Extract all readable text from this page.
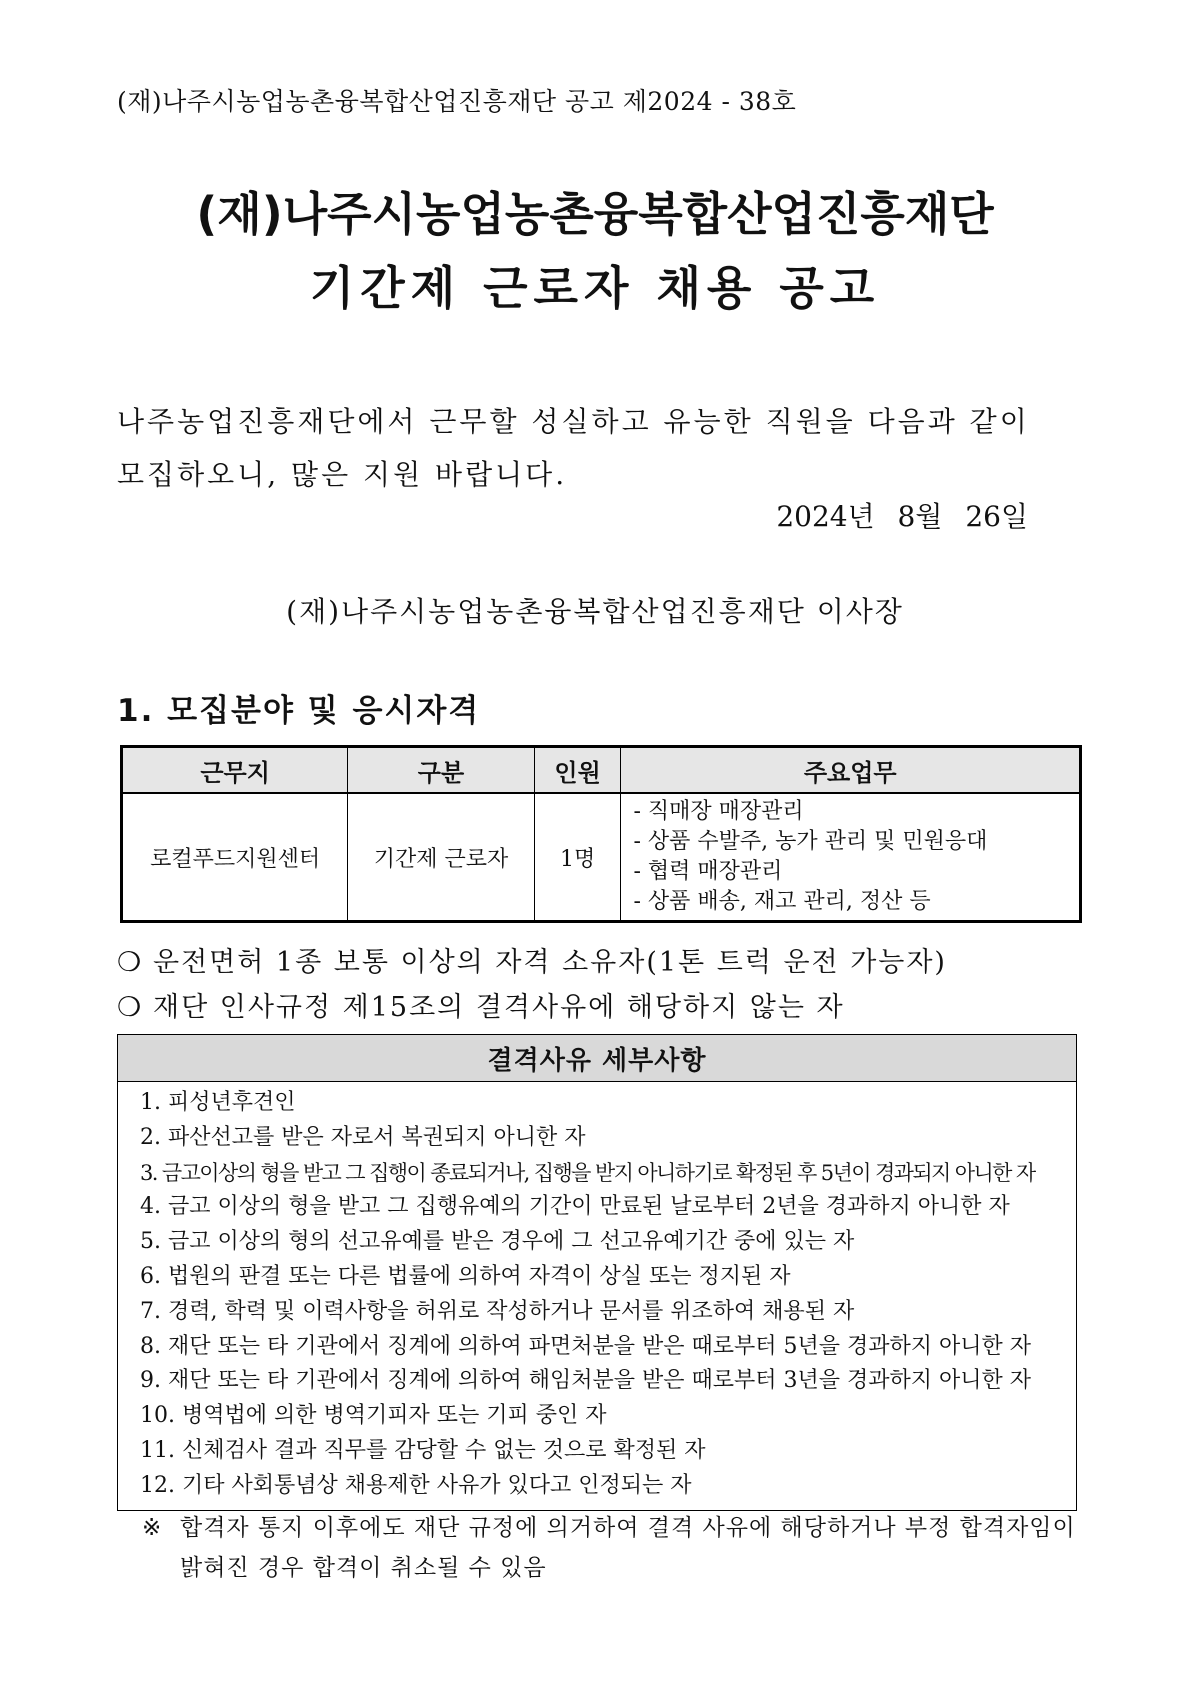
(재)나주시농업농촌융복합산업진흥재단 공고 제2024 - 38호
(재)나주시농업농촌융복합산업진흥재단
기간제 근로자 채용 공고
나주농업진흥재단에서 근무할 성실하고 유능한 직원을 다음과 같이 모집하오니, 많은 지원 바랍니다.
2024년 8월 26일
(재)나주시농업농촌융복합산업진흥재단 이사장
1. 모집분야 및 응시자격
근무지	구분	인원	주요업무
로컬푸드지원센터	기간제 근로자	1명	- 직매장 매장관리
- 상품 수발주, 농가 관리 및 민원응대
- 협력 매장관리
- 상품 배송, 재고 관리, 정산 등
❍ 운전면허 1종 보통 이상의 자격 소유자(1톤 트럭 운전 가능자)
❍ 재단 인사규정 제15조의 결격사유에 해당하지 않는 자
결격사유 세부사항

1. 피성년후견인
2. 파산선고를 받은 자로서 복권되지 아니한 자
3. 금고이상의 형을 받고 그 집행이 종료되거나, 집행을 받지 아니하기로 확정된 후 5년이 경과되지 아니한 자
4. 금고 이상의 형을 받고 그 집행유예의 기간이 만료된 날로부터 2년을 경과하지 아니한 자
5. 금고 이상의 형의 선고유예를 받은 경우에 그 선고유예기간 중에 있는 자
6. 법원의 판결 또는 다른 법률에 의하여 자격이 상실 또는 정지된 자
7. 경력, 학력 및 이력사항을 허위로 작성하거나 문서를 위조하여 채용된 자
8. 재단 또는 타 기관에서 징계에 의하여 파면처분을 받은 때로부터 5년을 경과하지 아니한 자
9. 재단 또는 타 기관에서 징계에 의하여 해임처분을 받은 때로부터 3년을 경과하지 아니한 자
10. 병역법에 의한 병역기피자 또는 기피 중인 자
11. 신체검사 결과 직무를 감당할 수 없는 것으로 확정된 자
12. 기타 사회통념상 채용제한 사유가 있다고 인정되는 자
※ 합격자 통지 이후에도 재단 규정에 의거하여 결격 사유에 해당하거나 부정 합격자임이 밝혀진 경우 합격이 취소될 수 있음
